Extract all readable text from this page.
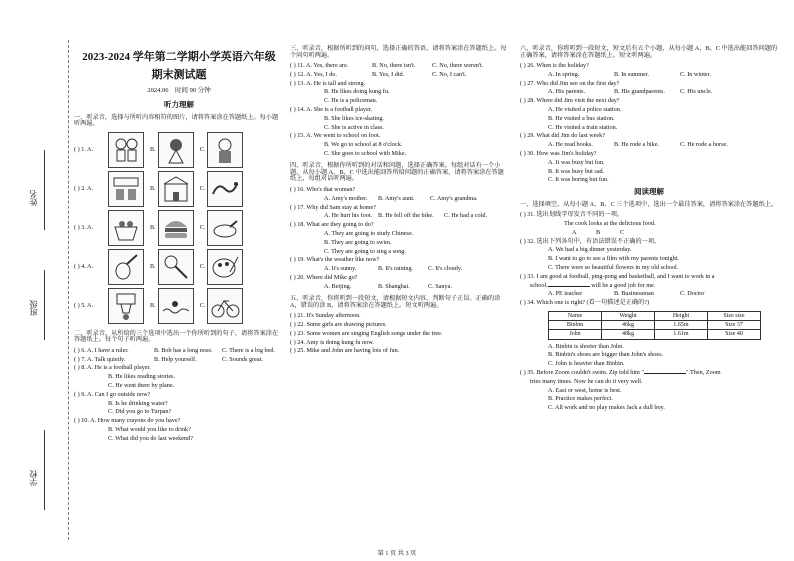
姓名
班级
学校
2023-2024 学年第二学期小学英语六年级
期末测试题
2024.06 时间 90 分钟
听力理解
一、听录音，选择与所听内容相符的图片，请将答案涂在答题纸上。每小题听两遍。
( ) 1. A.	B.	C.
( ) 2. A.	B.	C.
( ) 3. A.	B.	C.
( ) 4. A.	B.	C.
( ) 5. A.	B.	C.
二、听录音，从所给的三个选项中选出一个你所听到的句子，请将答案涂在答题纸上。每个句子听两遍。
( ) 6. A. I have a ruler.	B. Bob has a long nose. C. There is a big bed.
( ) 7. A. Talk quietly.	B. Help yourself.	C. Sounds great.
( ) 8. A. He is a football player.
B. He likes reading stories.
C. He went there by plane.
( ) 9. A. Can I go outside now?
B. Is he drinking water?
C. Did you go to Turpan?
( ) 10. A. How many crayons do you have?
B. What would you like to drink?
C. What did you do last weekend?
三、听录音，根据所听到的问句，选择正确的答语，请将答案涂在答题纸上。每个问句听两遍。
( ) 11. A. Yes, there are.	B. No, there isn't.	C. No, there weren't.
( ) 12. A. Yes, I do.	B. Yes, I did.	C. No, I can't.
( ) 13. A. He is tall and strong.
B. He likes doing kung fu.
C. He is a policeman.
( ) 14. A. She is a football player.
B. She likes ice-skating.
C. She is active in class.
( ) 15. A. We went to school on foot.
B. We go to school at 8 o'clock.
C. She goes to school with Mike.
四、听录音，根据你所听到的对话和问题，选择正确答案。每组对话有一个小题，从每小题 A、B、C 中选出能回答所给问题的正确答案，请将答案涂在答题纸上，每组对话听两遍。
( ) 16. Who's that woman?
A. Amy's mother. B. Amy's aunt. C. Amy's grandma.
( ) 17. Why did Sam stay at home?
A. He hurt his foot. B. He fell off the bike. C. He had a cold.
( ) 18. What are they going to do?
A. They are going to study Chinese.
B. They are going to swim.
C. They are going to sing a song.
( ) 19. What's the weather like now?
A. It's sunny.	B. It's raining. C. It's cloudy.
( ) 20. Where did Mike go?
A. Beijing.	B. Shanghai.	C. Sanya.
五、听录音，你将听到一段短文，请根据短文内容，判断句子正误。正确的涂 A，错误的涂 B，请将答案涂在答题纸上。短文听两遍。
( ) 21. It's Sunday afternoon.
( ) 22. Some girls are drawing pictures.
( ) 23. Some women are singing English songs under the tree.
( ) 24. Amy is doing kung fu now.
( ) 25. Mike and John are having lots of fun.
六、听录音，你将听到一段短文，短文后有五个小题，从每小题 A、B、C 中选出能回答问题的正确答案，请将答案涂在答题纸上。短文听两遍。
( ) 26. When is the holiday?
A. In spring.	B. In summer.	C. In winter.
( ) 27. Who did Jim see on the first day?
A. His parents.	B. His grandparents. C. His uncle.
( ) 28. Where did Jim visit the next day?
A. He visited a police station.
B. He visited a bus station.
C. He visited a train station.
( ) 29. What did Jim do last week?
A. He read books.	B. He rode a bike.	C. He rode a horse.
( ) 30. How was Jim's holiday?
A. It was busy but fun.
B. It was busy but sad.
C. It was boring but fun.
阅读理解
一、选择填空。从每小题 A、B、C 三个选项中，选出一个最佳答案，请将答案涂在答题纸上。
( ) 31. 选出划线字母发音不同的一项。
The cook looks at the delicious food.
A	B	C
( ) 32. 选出下列各句中，有语法错误不正确的一项。
A. We had a big dinner yesterday.
B. I want to go to see a film with my parents tonight.
C. There were so beautiful flowers in my old school.
( ) 33. I am good at football, ping-pong and basketball, and I want to work in a
school.	will be a good job for me.
A. PE teacher	B. Businessman	C. Doctor
( ) 34. Which one is right? (看一句描述是正确的?)
Name	Weight	Height	Size size
Binbin	46kg	1.65m	Size 37
John	48kg	1.61m	Size 40
A. Binbin is shorter than John.
B. Binbin's shoes are bigger than John's shoes.
C. John is heavier than Binbin.
( ) 35. Before Zoom couldn't swim. Zip told him "	".Then, Zoom
tries many times. Now he can do it very well.
A. East or west, home is best.
B. Practice makes perfect.
C. All work and no play makes Jack a dull boy.
第 1 页 共 3 页
